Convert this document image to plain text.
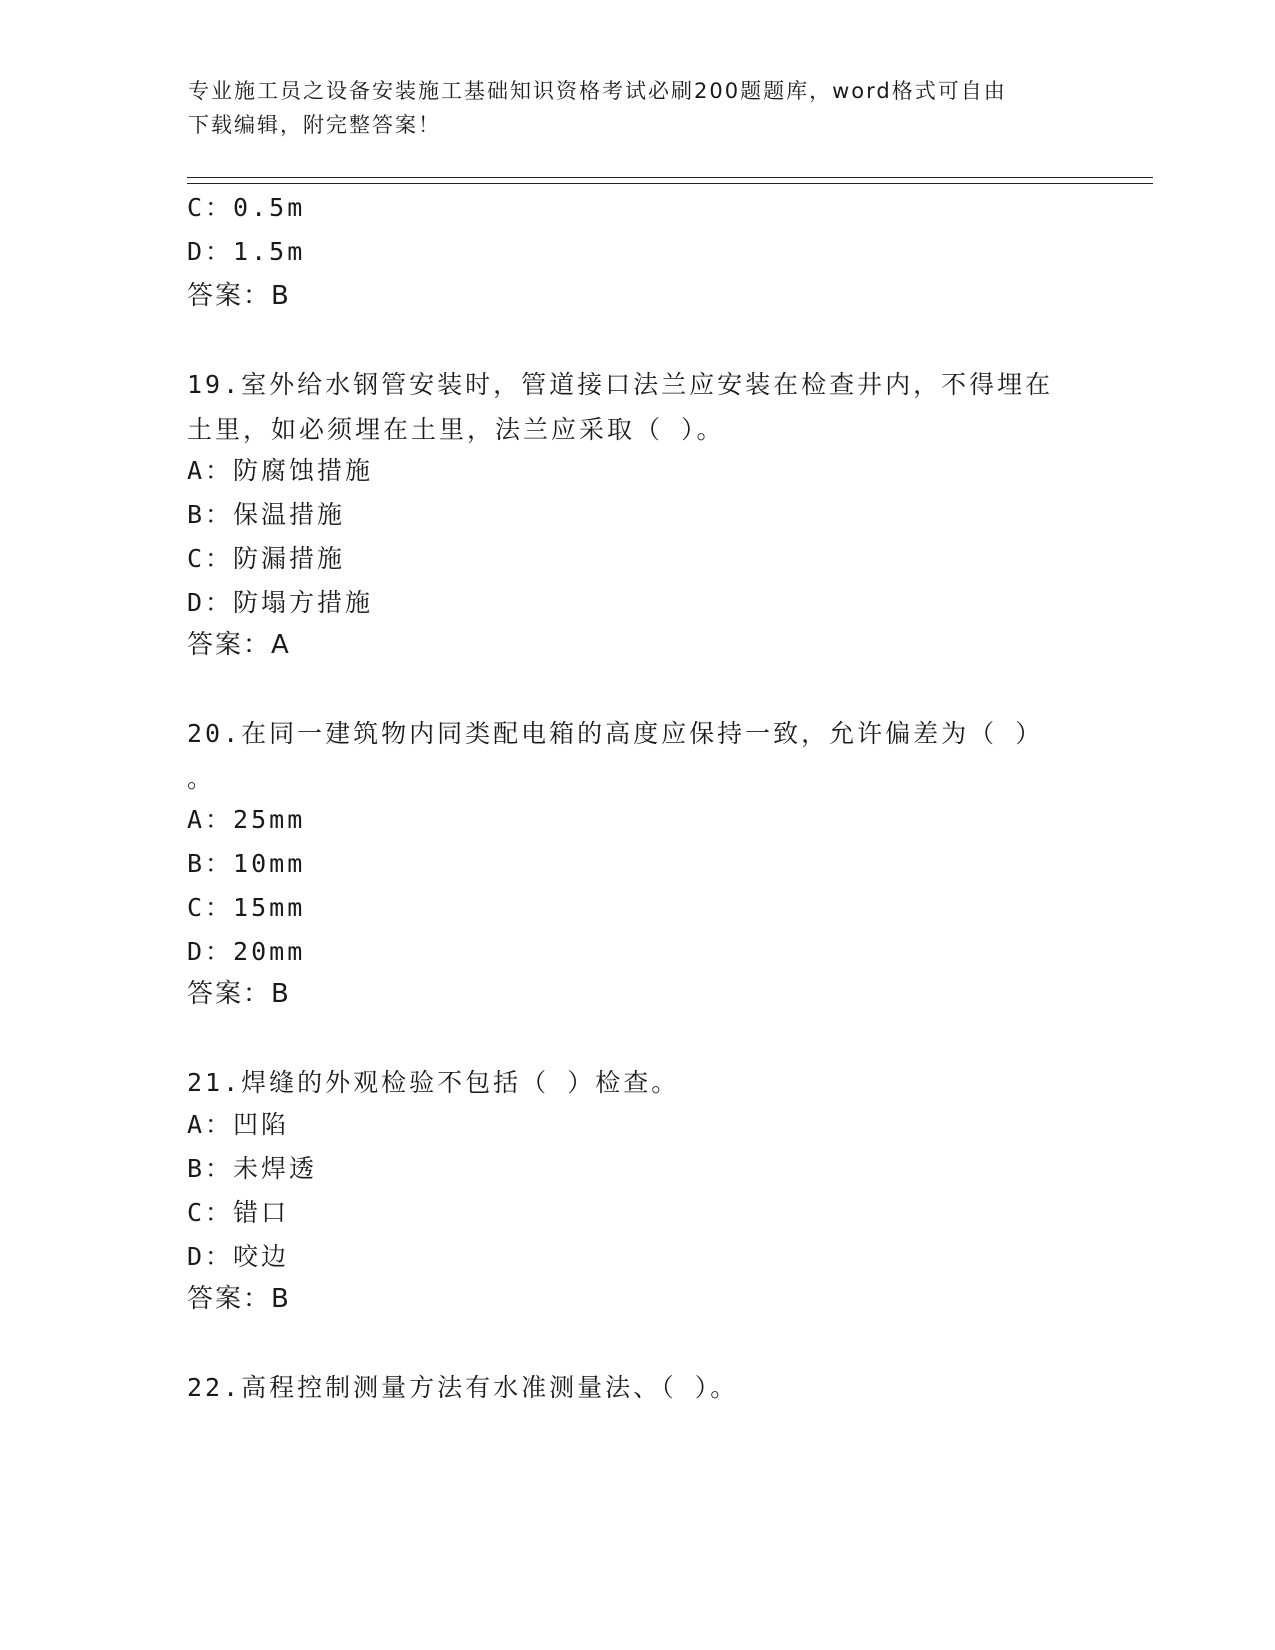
专业施工员之设备安装施工基础知识资格考试必刷200题题库，word格式可自由
下载编辑，附完整答案！
C：0.5m
D：1.5m
答案：B
19.室外给水钢管安装时，管道接口法兰应安装在检查井内，不得埋在
土里，如必须埋在土里，法兰应采取（ ）。
A：防腐蚀措施
B：保温措施
C：防漏措施
D：防塌方措施
答案：A
20.在同一建筑物内同类配电箱的高度应保持一致，允许偏差为（ ）
。
A：25mm
B：10mm
C：15mm
D：20mm
答案：B
21.焊缝的外观检验不包括（ ）检查。
A：凹陷
B：未焊透
C：错口
D：咬边
答案：B
22.高程控制测量方法有水准测量法、（ ）。
